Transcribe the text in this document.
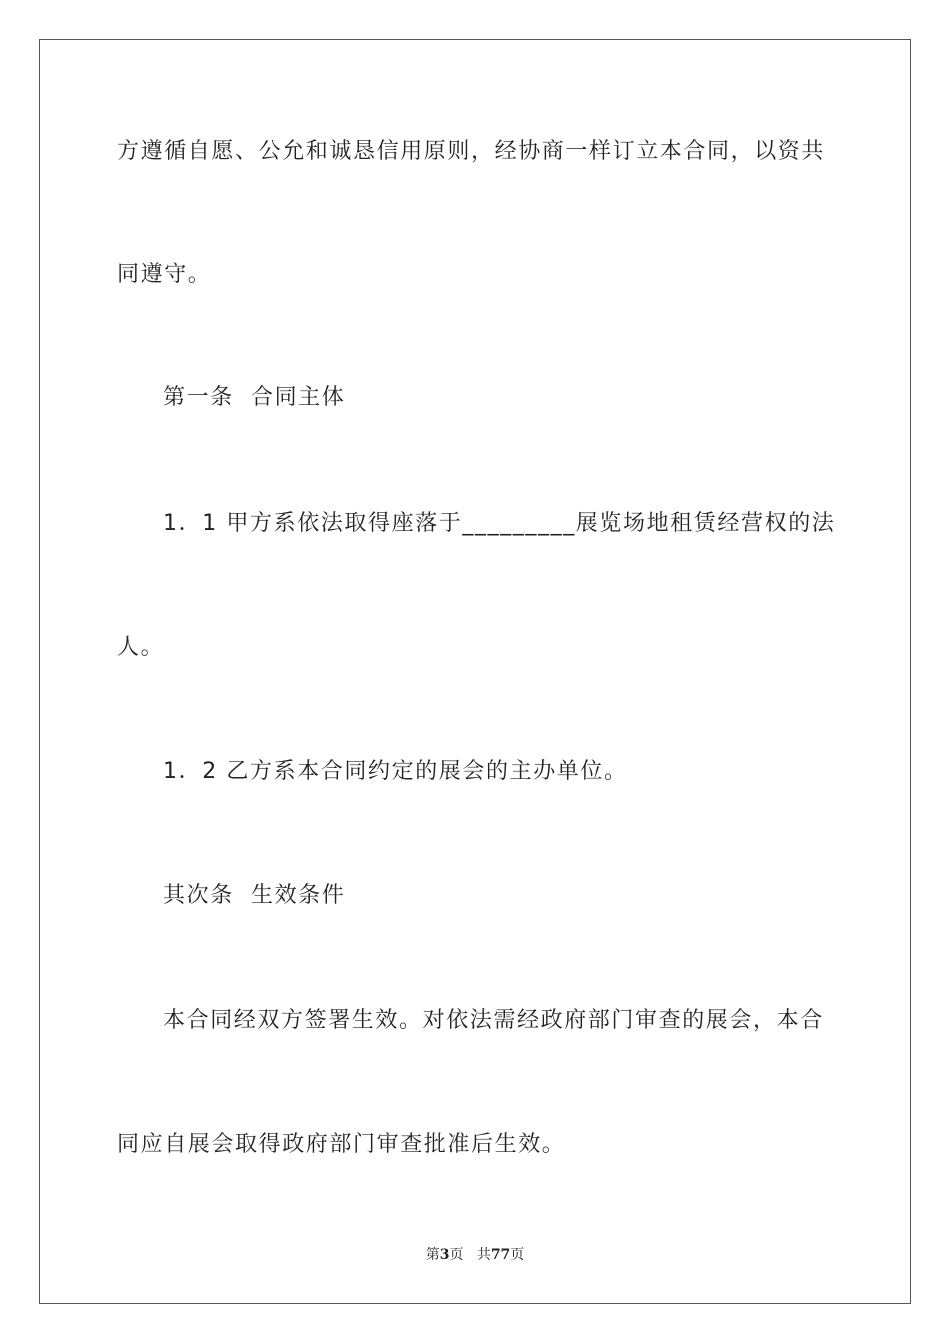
方遵循自愿、公允和诚恳信用原则，经协商一样订立本合同，以资共
同遵守。
第一条  合同主体
1．1 甲方系依法取得座落于_________展览场地租赁经营权的法
人。
1．2 乙方系本合同约定的展会的主办单位。
其次条  生效条件
本合同经双方签署生效。对依法需经政府部门审查的展会，本合
同应自展会取得政府部门审查批准后生效。
第3页 共77页
